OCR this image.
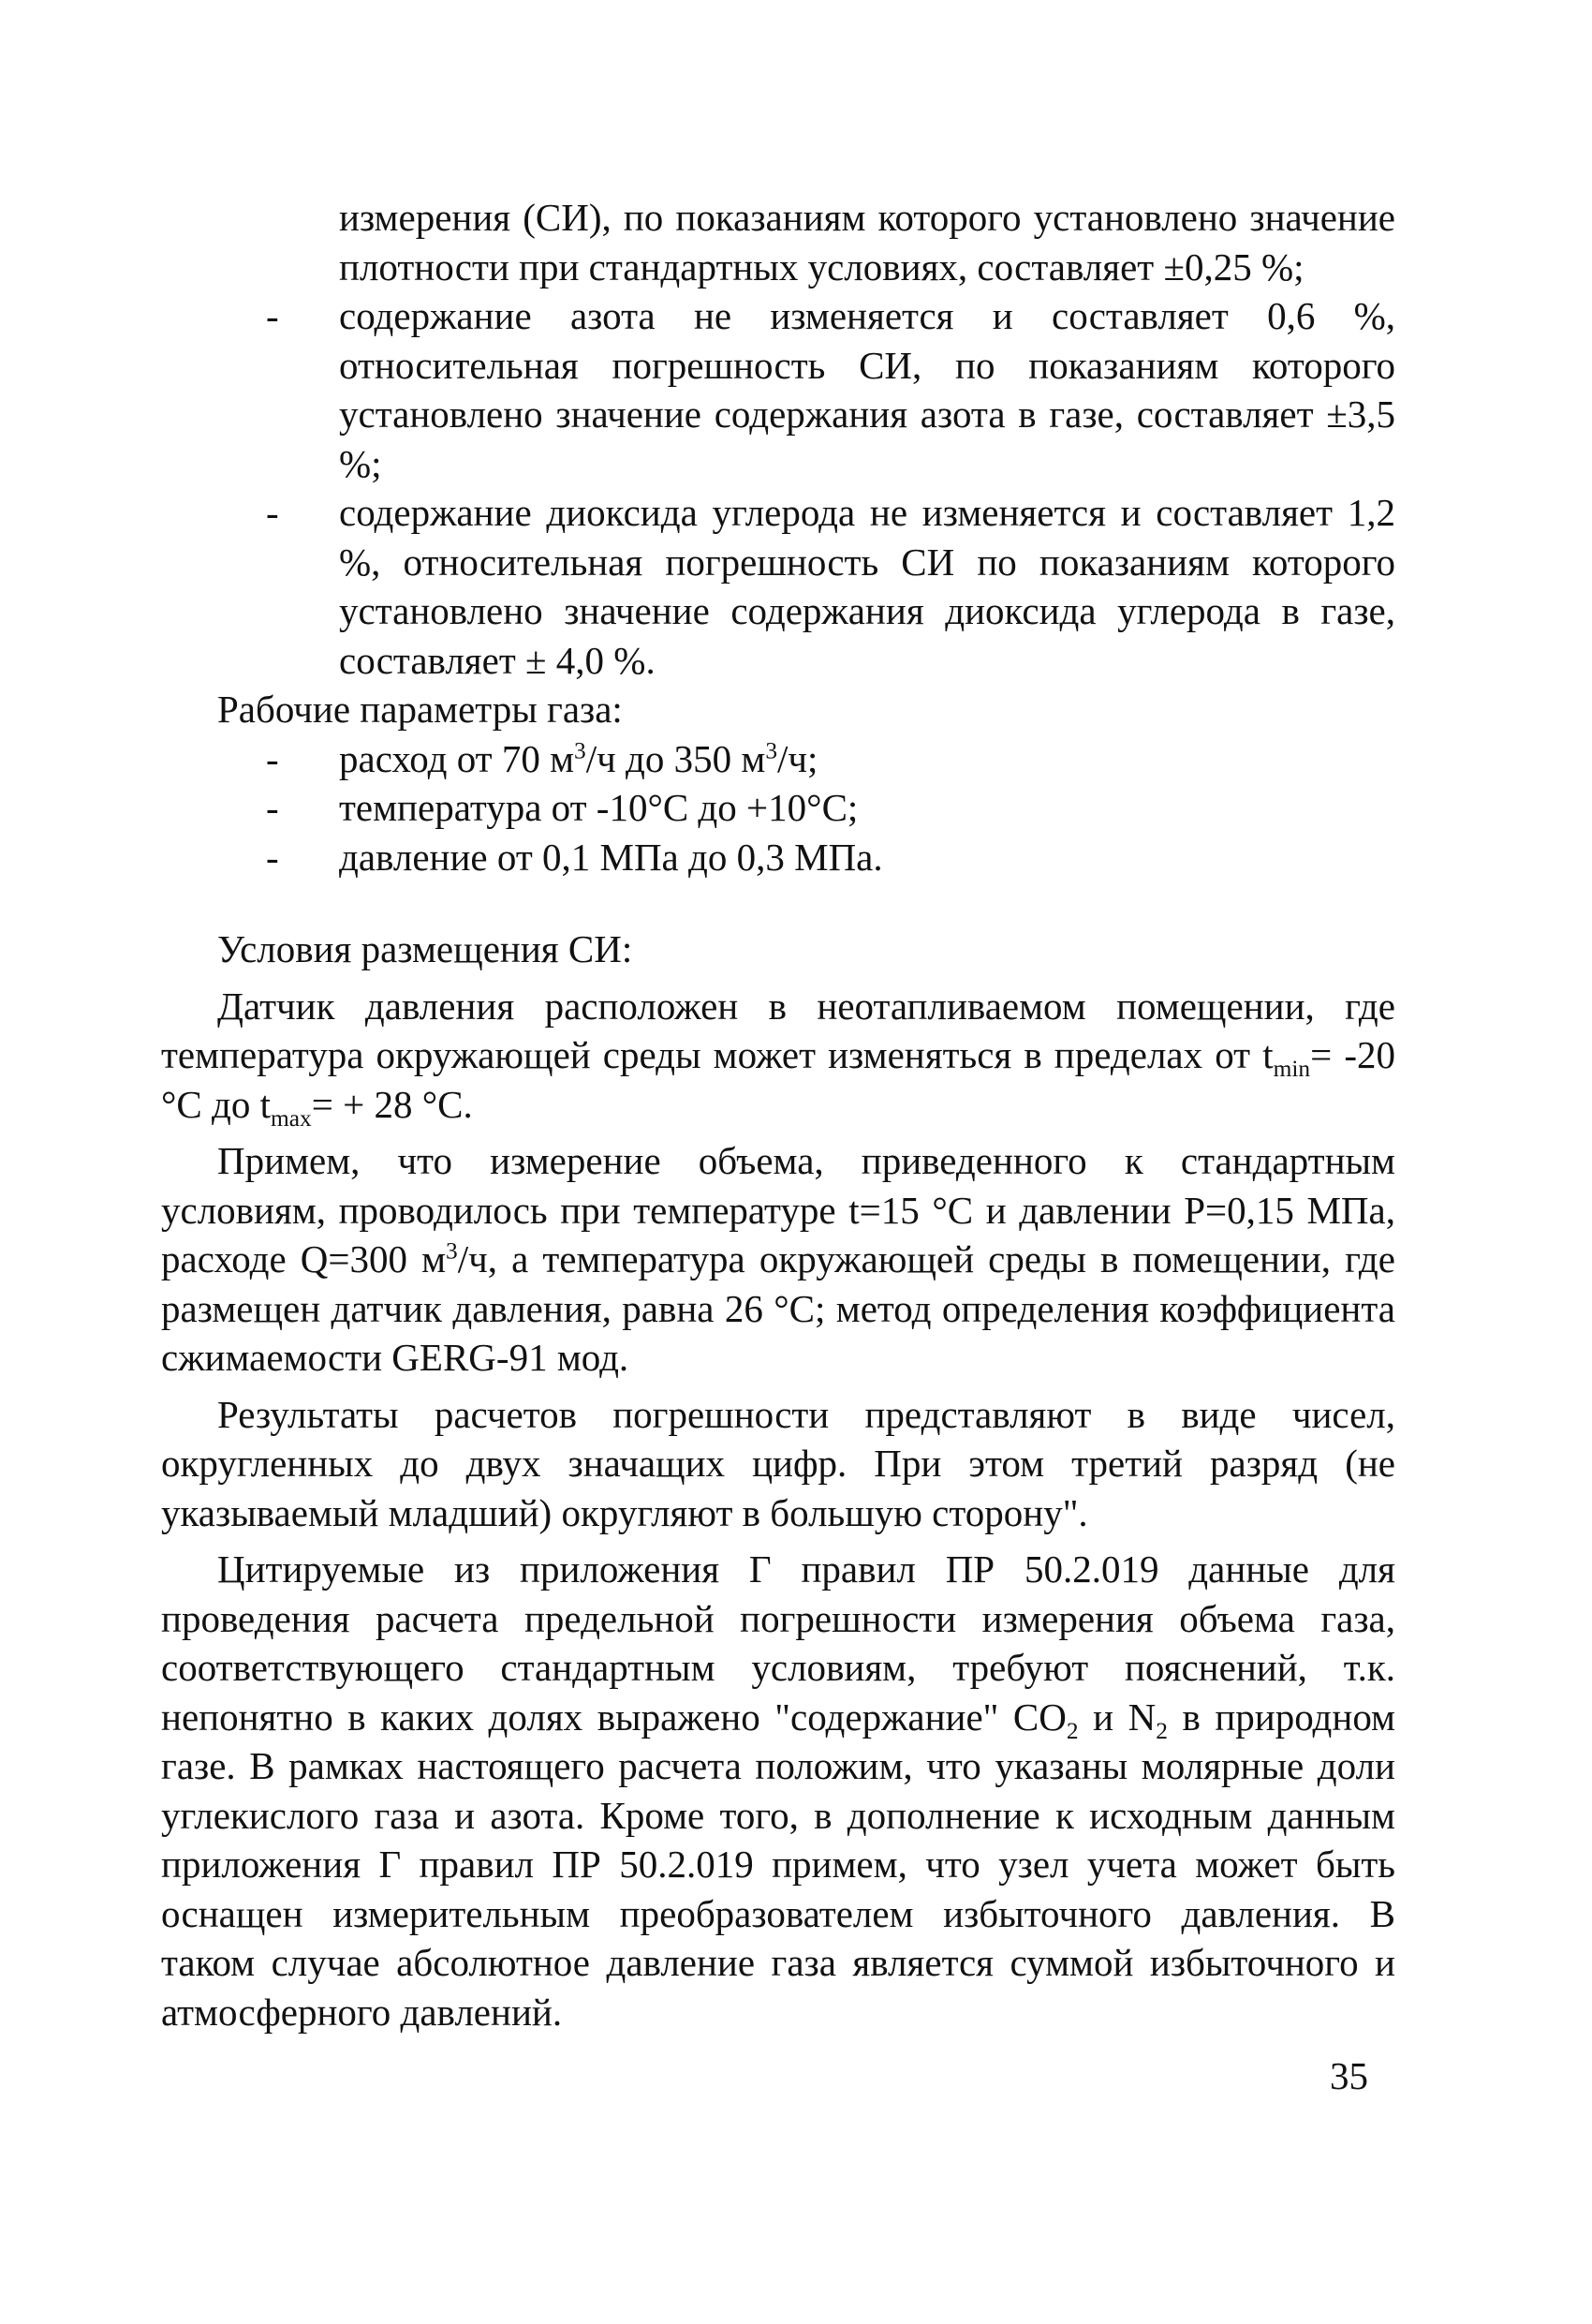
измерения (СИ), по показаниям которого установлено значение плотности при стандартных условиях, составляет ±0,25 %;

- содержание азота не изменяется и составляет 0,6 %, относительная погрешность СИ, по показаниям которого установлено значение содержания азота в газе, составляет ±3,5 %;
- содержание диоксида углерода не изменяется и составляет 1,2 %, относительная погрешность СИ по показаниям которого установлено значение содержания диоксида углерода в газе, составляет ± 4,0 %.

Рабочие параметры газа:

- расход от 70 $м^3/ч$ до 350 $м^3/ч$;
- температура от -10°С до +10°С;
- давление от 0,1 МПа до 0,3 МПа.

Условия размещения СИ:

Датчик давления расположен в неотапливаемом помещении, где температура окружающей среды может изменяться в пределах от $t_{min}= -20$ °С до $t_{max}= + 28$ °С.

Примем, что измерение объема, приведенного к стандартным условиям, проводилось при температуре t=15 °С и давлении Р=0,15 МПа, расходе Q=300 $м^3/ч$, а температура окружающей среды в помещении, где размещен датчик давления, равна 26 °С; метод определения коэффициента сжимаемости GERG-91 мод.

Результаты расчетов погрешности представляют в виде чисел, округленных до двух значащих цифр. При этом третий разряд (не указываемый младший) округляют в большую сторону".

Цитируемые из приложения Г правил ПР 50.2.019 данные для проведения расчета предельной погрешности измерения объема газа, соответствующего стандартным условиям, требуют пояснений, т.к. непонятно в каких долях выражено "содержание" $СО_2$ и $N_2$ в природном газе. В рамках настоящего расчета положим, что указаны молярные доли углекислого газа и азота. Кроме того, в дополнение к исходным данным приложения Г правил ПР 50.2.019 примем, что узел учета может быть оснащен измерительным преобразователем избыточного давления. В таком случае абсолютное давление газа является суммой избыточного и атмосферного давлений.

35
